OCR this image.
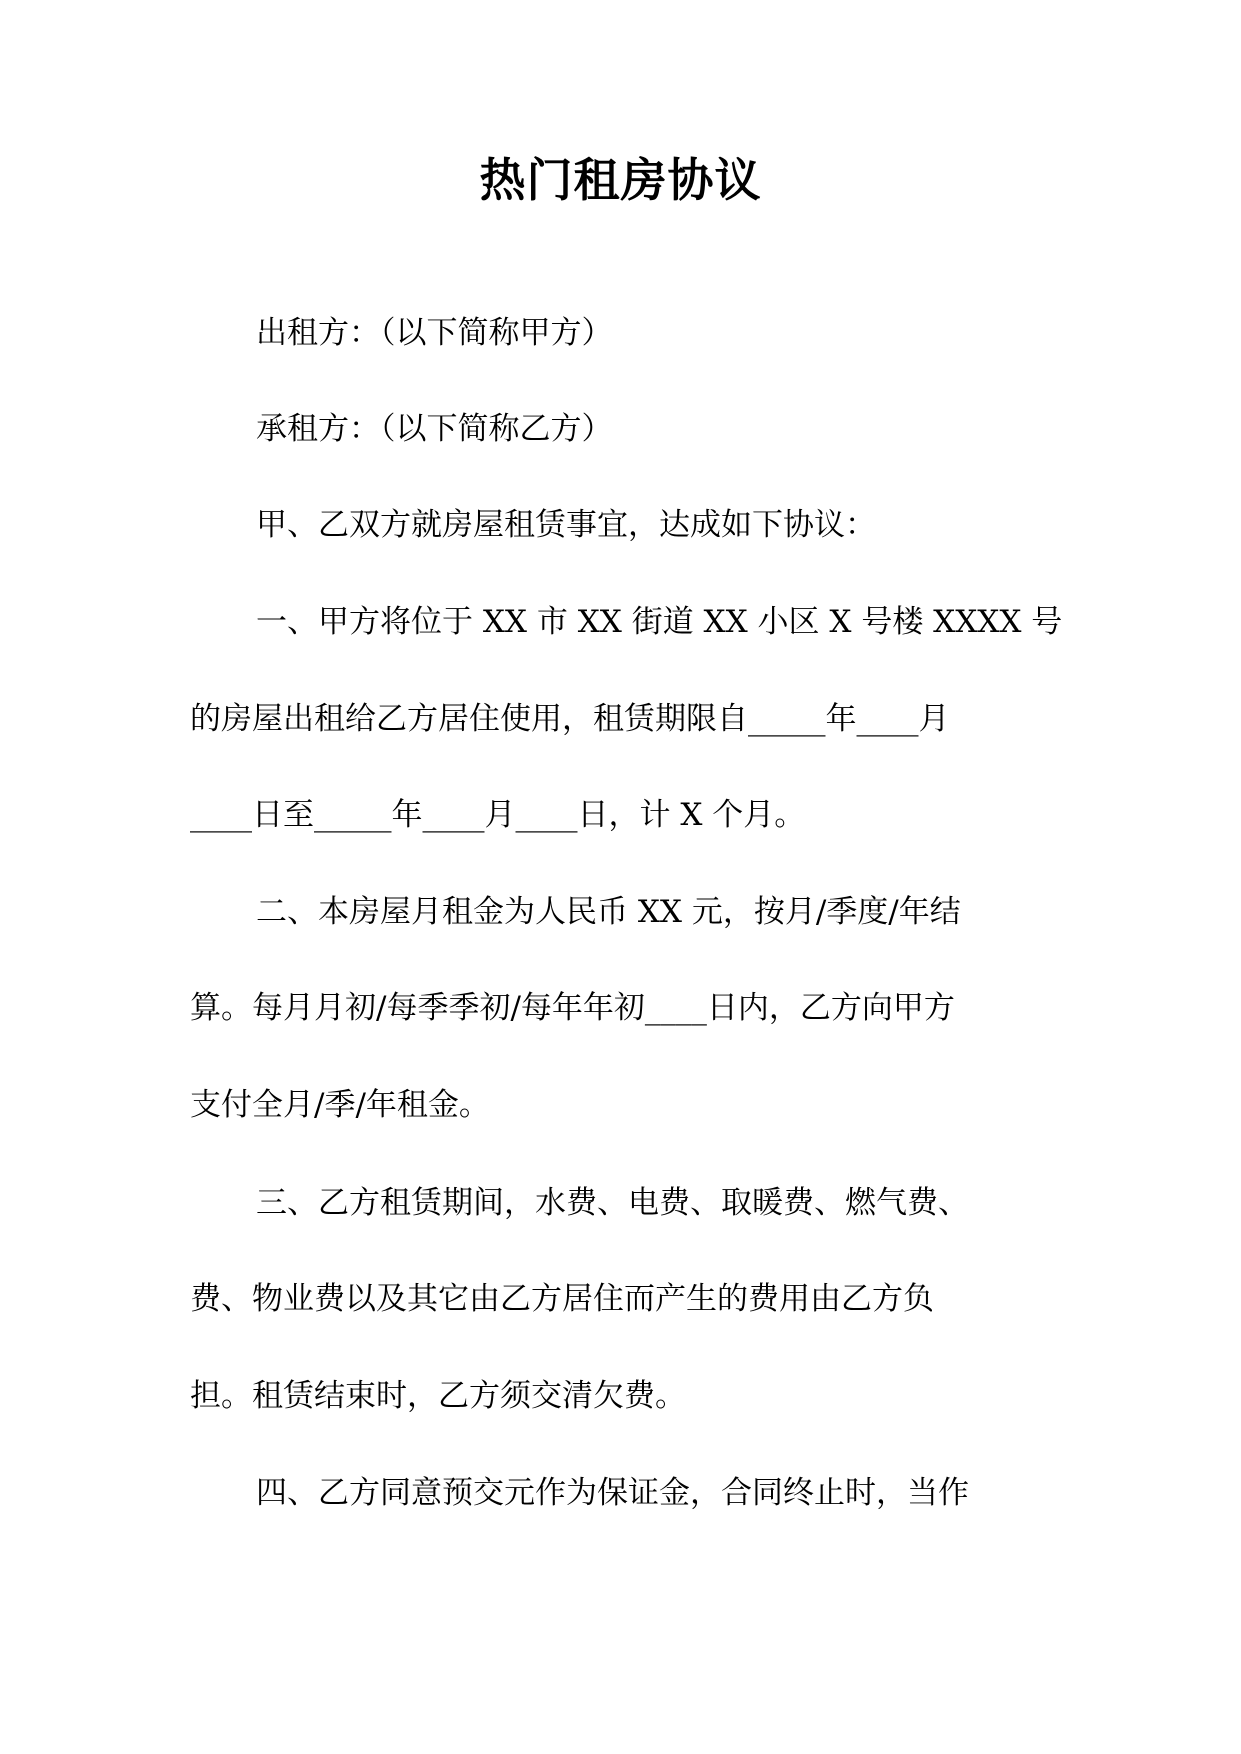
热门租房协议

出租方：（以下简称甲方）

承租方：（以下简称乙方）

甲、乙双方就房屋租赁事宜，达成如下协议：

一、甲方将位于 XX 市 XX 街道 XX 小区 X 号楼 XXXX 号

的房屋出租给乙方居住使用，租赁期限自_____年____月

____日至_____年____月____日，计 X 个月。

二、本房屋月租金为人民币 XX 元，按月/季度/年结

算。每月月初/每季季初/每年年初____日内，乙方向甲方

支付全月/季/年租金。

三、乙方租赁期间，水费、电费、取暖费、燃气费、

费、物业费以及其它由乙方居住而产生的费用由乙方负

担。租赁结束时，乙方须交清欠费。

四、乙方同意预交元作为保证金，合同终止时，当作
